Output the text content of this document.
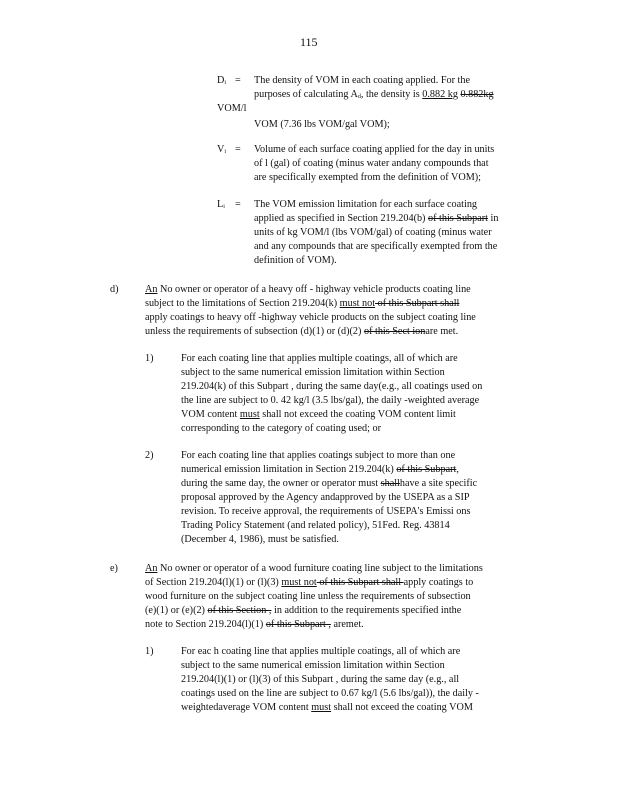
115
$D_i$ = The density of VOM in each coating applied. For the
purposes of calculating $A_d$, the density is 0.882 kg 0.882kg
VOM/l
VOM (7.36 lbs VOM/gal VOM);
$V_i$ = Volume of each surface coating applied for the day in units
of l (gal) of coating (minus water andany compounds that
are specifically exempted from the definition of VOM);
$L_i$ = The VOM emission limitation for each surface coating
applied as specified in Section 219.204(b) of this Subpart in
units of kg VOM/l (lbs VOM/gal) of coating (minus water
and any compounds that are specifically exempted from the
definition of VOM).
d)	An No owner or operator of a heavy off - highway vehicle products coating line
subject to the limitations of Section 219.204(k) must not of this Subpart shall
apply coatings to heavy off -highway vehicle products on the subject coating line
unless the requirements of subsection (d)(1) or (d)(2) of this Sect ionare met.
1)	For each coating line that applies multiple coatings, all of which are
subject to the same numerical emission limitation within Section
219.204(k) of this Subpart , during the same day(e.g., all coatings used on
the line are subject to 0. 42 kg/l (3.5 lbs/gal), the daily -weighted average
VOM content must shall not exceed the coating VOM content limit
corresponding to the category of coating used; or
2)	For each coating line that applies coatings subject to more than one
numerical emission limitation in Section 219.204(k) of this Subpart,
during the same day, the owner or operator must shallhave a site specific
proposal approved by the Agency andapproved by the USEPA as a SIP
revision. To receive approval, the requirements of USEPA's Emissi ons
Trading Policy Statement (and related policy), 51Fed. Reg. 43814
(December 4, 1986), must be satisfied.
e)	An No owner or operator of a wood furniture coating line subject to the limitations
of Section 219.204(l)(1) or (l)(3) must not of this Subpart shall apply coatings to
wood furniture on the subject coating line unless the requirements of subsection
(e)(1) or (e)(2) of this Section , in addition to the requirements specified inthe
note to Section 219.204(l)(1) of this Subpart , aremet.
1)	For eac h coating line that applies multiple coatings, all of which are
subject to the same numerical emission limitation within Section
219.204(l)(1) or (l)(3) of this Subpart , during the same day (e.g., all
coatings used on the line are subject to 0.67 kg/l (5.6 lbs/gal)), the daily -
weightedaverage VOM content must shall not exceed the coating VOM
